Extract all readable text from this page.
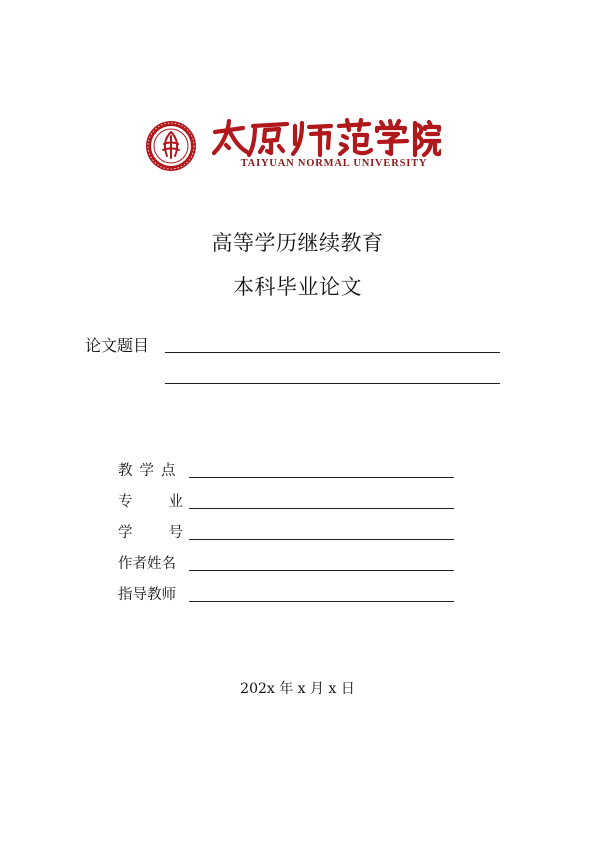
TAIYUAN NORMAL UNIVERSITY
高等学历继续教育
本科毕业论文
论文题目
教学点
专业
学号
作者姓名
指导教师
202x 年 x 月 x 日
